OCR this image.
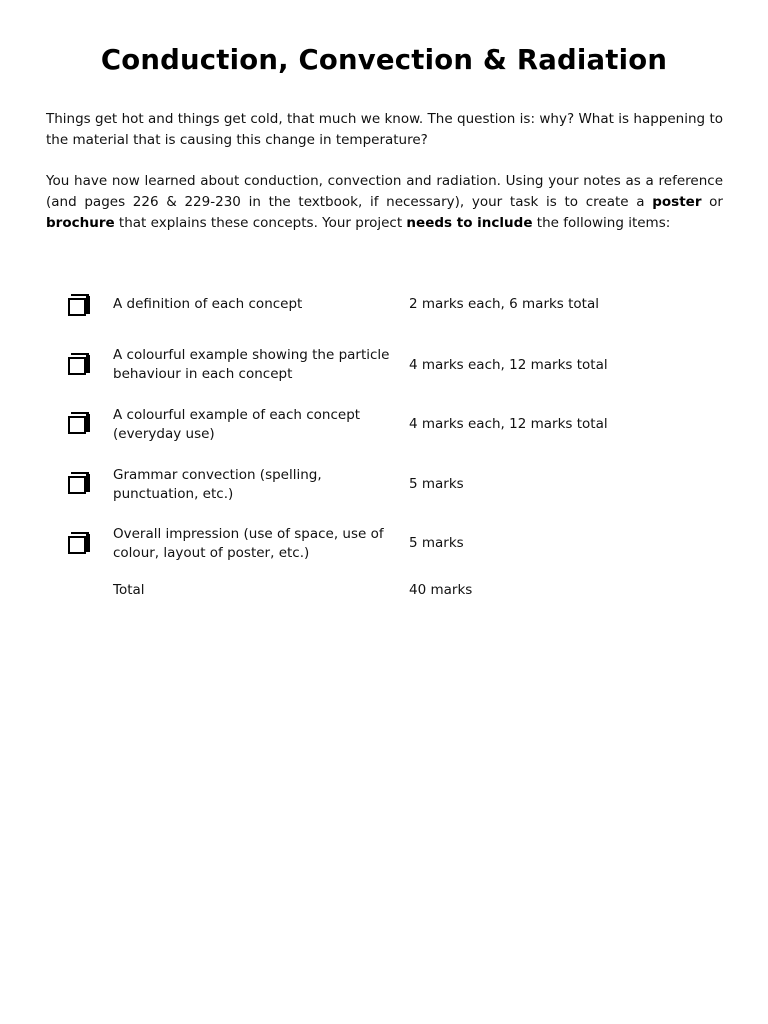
Conduction, Convection & Radiation

Things get hot and things get cold, that much we know. The question is: why? What is happening to the material that is causing this change in temperature?

You have now learned about conduction, convection and radiation. Using your notes as a reference (and pages 226 & 229-230 in the textbook, if necessary), your task is to create a poster or brochure that explains these concepts. Your project needs to include the following items:

A definition of each concept	2 marks each, 6 marks total
A colourful example showing the particle behaviour in each concept
4 marks each, 12 marks total
A colourful example of each concept (everyday use)
4 marks each, 12 marks total
Grammar convection (spelling, punctuation, etc.)
5 marks
Overall impression (use of space, use of colour, layout of poster, etc.)
5 marks
Total	40 marks
